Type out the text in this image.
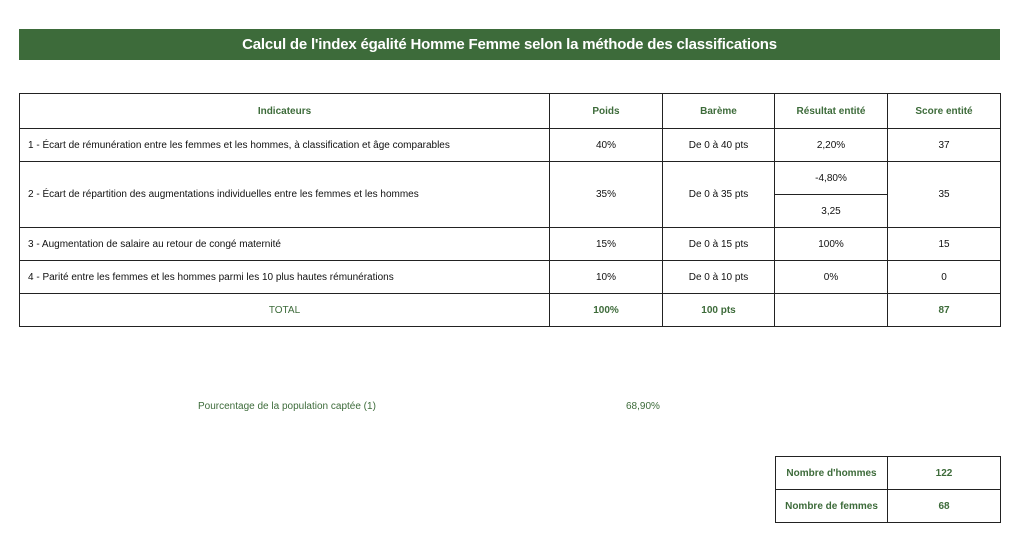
Calcul de l'index égalité Homme Femme selon la méthode des classifications
Indicateurs	Poids	Barème	Résultat entité	Score entité
1 - Écart de rémunération entre les femmes et les hommes, à classification et âge comparables	40%	De 0 à 40 pts	2,20%	37
2 - Écart de répartition des augmentations individuelles entre les femmes et les hommes	35%	De 0 à 35 pts	-4,80%	35
			3,25	
3 - Augmentation de salaire au retour de congé maternité	15%	De 0 à 15 pts	100%	15
4 - Parité entre les femmes et les hommes parmi les 10 plus hautes rémunérations	10%	De 0 à 10 pts	0%	0
TOTAL	100%	100 pts		87
Pourcentage de la population captée (1)	68,90%
Nombre d'hommes	122
Nombre de femmes	68
